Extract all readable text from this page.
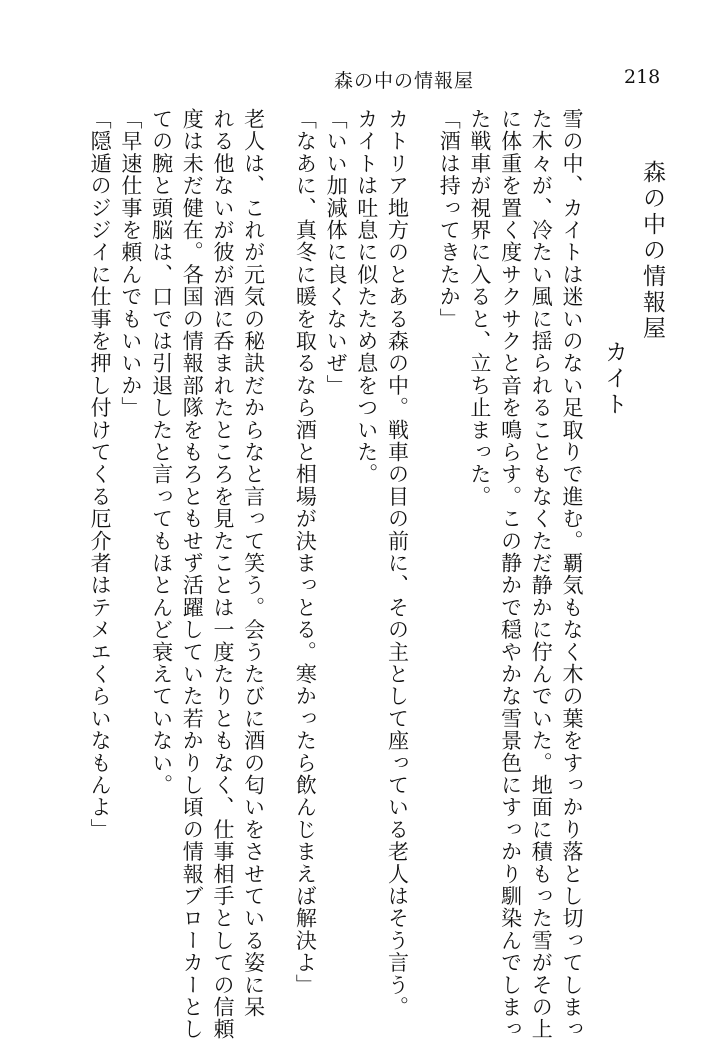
森の中の情報屋	218
森の中の情報屋
カイト
雪の中、カイトは迷いのない足取りで進む。覇気もなく木の葉をすっかり落とし切ってしまっ
た木々が、冷たい風に揺られることもなくただ静かに佇んでいた。地面に積もった雪がその上
に体重を置く度サクサクと音を鳴らす。この静かで穏やかな雪景色にすっかり馴染んでしまっ
た戦車が視界に入ると、立ち止まった。
「酒は持ってきたか」
カトリア地方のとある森の中。戦車の目の前に、その主として座っている老人はそう言う。
カイトは吐息に似たため息をついた。
「いい加減体に良くないぜ」
「なあに、真冬に暖を取るなら酒と相場が決まっとる。寒かったら飲んじまえば解決よ」
老人は、これが元気の秘訣だからなと言って笑う。会うたびに酒の匂いをさせている姿に呆
れる他ないが彼が酒に呑まれたところを見たことは一度たりともなく、仕事相手としての信頼
度は未だ健在。各国の情報部隊をもろともせず活躍していた若かりし頃の情報ブローカーとし
ての腕と頭脳は、口では引退したと言ってもほとんど衰えていない。
「早速仕事を頼んでもいいか」
「隠遁のジジイに仕事を押し付けてくる厄介者はテメエくらいなもんよ」
